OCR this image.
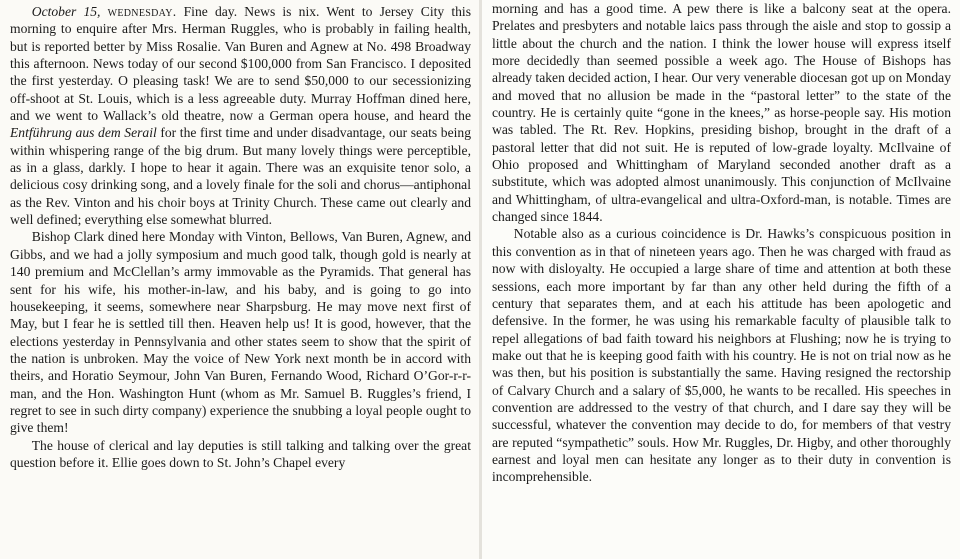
October 15, wednesday. Fine day. News is nix. Went to Jersey City this morning to enquire after Mrs. Herman Ruggles, who is probably in failing health, but is reported better by Miss Rosalie. Van Buren and Agnew at No. 498 Broadway this afternoon. News today of our second $100,000 from San Francisco. I deposited the first yesterday. O pleasing task! We are to send $50,000 to our secessionizing off-shoot at St. Louis, which is a less agreeable duty. Murray Hoffman dined here, and we went to Wallack’s old theatre, now a German opera house, and heard the Entführung aus dem Serail for the first time and under disadvantage, our seats being within whispering range of the big drum. But many lovely things were perceptible, as in a glass, darkly. I hope to hear it again. There was an exquisite tenor solo, a delicious cosy drinking song, and a lovely finale for the soli and chorus—antiphonal as the Rev. Vinton and his choir boys at Trinity Church. These came out clearly and well defined; everything else somewhat blurred.

Bishop Clark dined here Monday with Vinton, Bellows, Van Buren, Agnew, and Gibbs, and we had a jolly symposium and much good talk, though gold is nearly at 140 premium and McClellan’s army immovable as the Pyramids. That general has sent for his wife, his mother-in-law, and his baby, and is going to go into housekeeping, it seems, somewhere near Sharpsburg. He may move next first of May, but I fear he is settled till then. Heaven help us! It is good, however, that the elections yesterday in Pennsylvania and other states seem to show that the spirit of the nation is unbroken. May the voice of New York next month be in accord with theirs, and Horatio Seymour, John Van Buren, Fernando Wood, Richard O’Gor-r-r-man, and the Hon. Washington Hunt (whom as Mr. Samuel B. Ruggles’s friend, I regret to see in such dirty company) experience the snubbing a loyal people ought to give them!

The house of clerical and lay deputies is still talking and talking over the great question before it. Ellie goes down to St. John’s Chapel every

morning and has a good time. A pew there is like a balcony seat at the opera. Prelates and presbyters and notable laics pass through the aisle and stop to gossip a little about the church and the nation. I think the lower house will express itself more decidedly than seemed possible a week ago. The House of Bishops has already taken decided action, I hear. Our very venerable diocesan got up on Monday and moved that no allusion be made in the “pastoral letter” to the state of the country. He is certainly quite “gone in the knees,” as horse-people say. His motion was tabled. The Rt. Rev. Hopkins, presiding bishop, brought in the draft of a pastoral letter that did not suit. He is reputed of low-grade loyalty. McIlvaine of Ohio proposed and Whittingham of Maryland seconded another draft as a substitute, which was adopted almost unanimously. This conjunction of McIlvaine and Whittingham, of ultra-evangelical and ultra-Oxford-man, is notable. Times are changed since 1844.

Notable also as a curious coincidence is Dr. Hawks’s conspicuous position in this convention as in that of nineteen years ago. Then he was charged with fraud as now with disloyalty. He occupied a large share of time and attention at both these sessions, each more important by far than any other held during the fifth of a century that separates them, and at each his attitude has been apologetic and defensive. In the former, he was using his remarkable faculty of plausible talk to repel allegations of bad faith toward his neighbors at Flushing; now he is trying to make out that he is keeping good faith with his country. He is not on trial now as he was then, but his position is substantially the same. Having resigned the rectorship of Calvary Church and a salary of $5,000, he wants to be recalled. His speeches in convention are addressed to the vestry of that church, and I dare say they will be successful, whatever the convention may decide to do, for members of that vestry are reputed “sympathetic” souls. How Mr. Ruggles, Dr. Higby, and other thoroughly earnest and loyal men can hesitate any longer as to their duty in convention is incomprehensible.
